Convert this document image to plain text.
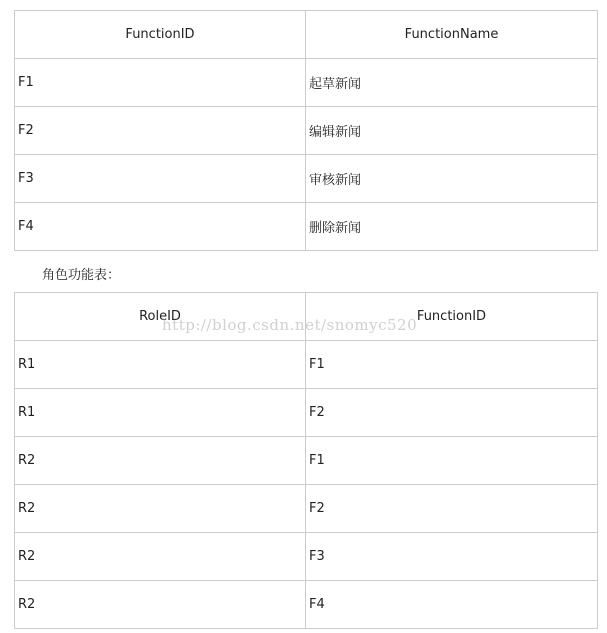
FunctionID	FunctionName
F1	起草新闻
F2	编辑新闻
F3	审核新闻
F4	删除新闻
角色功能表：
RoleID	FunctionID
R1	F1
R1	F2
R2	F1
R2	F2
R2	F3
R2	F4
http://blog.csdn.net/snomyc520
